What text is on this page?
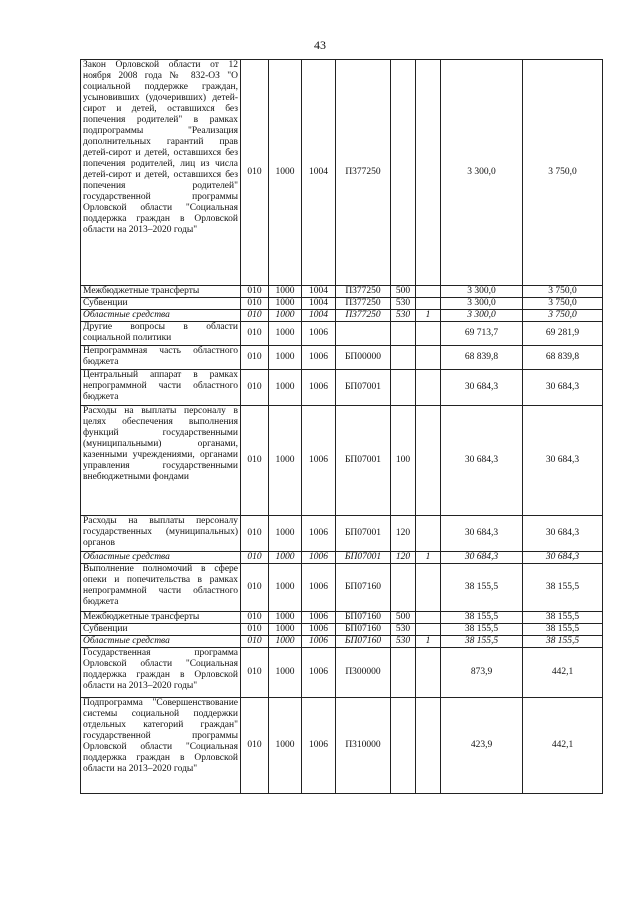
43
Закон Орловской области от 12 ноября 2008 года № 832-ОЗ "О социальной поддержке граждан, усыновивших (удочеривших) детей-сирот и детей, оставшихся без попечения родителей" в рамках подпрограммы "Реализация дополнительных гарантий прав детей-сирот и детей, оставшихся без попечения родителей, лиц из числа детей-сирот и детей, оставшихся без попечения родителей" государственной программы Орловской области "Социальная поддержка граждан в Орловской области на 2013–2020 годы"	010	1000	1004	П377250			3 300,0	3 750,0
Межбюджетные трансферты	010	1000	1004	П377250	500		3 300,0	3 750,0
Субвенции	010	1000	1004	П377250	530		3 300,0	3 750,0
Областные средства	010	1000	1004	П377250	530	1	3 300,0	3 750,0
Другие вопросы в области социальной политики	010	1000	1006				69 713,7	69 281,9
Непрограммная часть областного бюджета	010	1000	1006	БП00000			68 839,8	68 839,8
Центральный аппарат в рамках непрограммной части областного бюджета	010	1000	1006	БП07001			30 684,3	30 684,3
Расходы на выплаты персоналу в целях обеспечения выполнения функций государственными (муниципальными) органами, казенными учреждениями, органами управления государственными внебюджетными фондами	010	1000	1006	БП07001	100		30 684,3	30 684,3
Расходы на выплаты персоналу государственных (муниципальных) органов	010	1000	1006	БП07001	120		30 684,3	30 684,3
Областные средства	010	1000	1006	БП07001	120	1	30 684,3	30 684,3
Выполнение полномочий в сфере опеки и попечительства в рамках непрограммной части областного бюджета	010	1000	1006	БП07160			38 155,5	38 155,5
Межбюджетные трансферты	010	1000	1006	БП07160	500		38 155,5	38 155,5
Субвенции	010	1000	1006	БП07160	530		38 155,5	38 155,5
Областные средства	010	1000	1006	БП07160	530	1	38 155,5	38 155,5
Государственная программа Орловской области "Социальная поддержка граждан в Орловской области на 2013–2020 годы"	010	1000	1006	П300000			873,9	442,1
Подпрограмма "Совершенствование системы социальной поддержки отдельных категорий граждан" государственной программы Орловской области "Социальная поддержка граждан в Орловской области на 2013–2020 годы"	010	1000	1006	П310000			423,9	442,1
